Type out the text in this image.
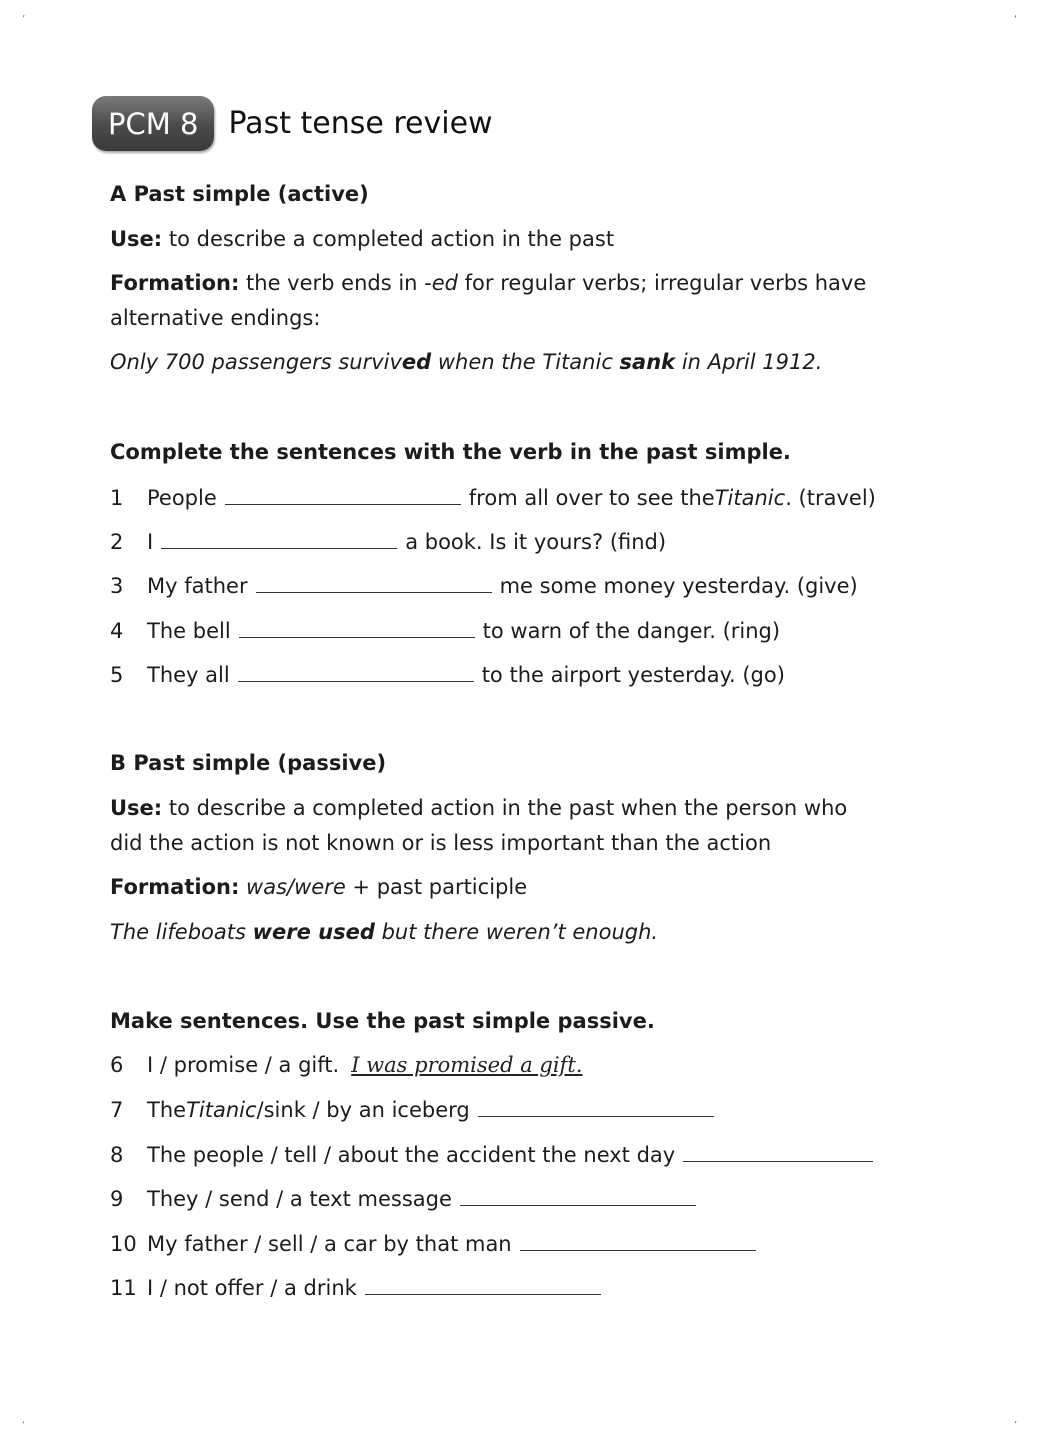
’	‘
‘	’
PCM 8	Past tense review
A Past simple (active)
Use: to describe a completed action in the past
Formation: the verb ends in -ed for regular verbs; irregular verbs have
alternative endings:
Only 700 passengers survived when the Titanic sank in April 1912.
Complete the sentences with the verb in the past simple.
1	People	from all over to see the Titanic . (travel)
2	I	a book. Is it yours? (find)
3	My father	me some money yesterday. (give)
4	The bell	to warn of the danger. (ring)
5	They all	to the airport yesterday. (go)
B Past simple (passive)
Use: to describe a completed action in the past when the person who
did the action is not known or is less important than the action
Formation: was/were + past participle
The lifeboats were used but there weren’t enough.
Make sentences. Use the past simple passive.
6	I / promise / a gift. I was promised a gift.
7	The Titanic /sink / by an iceberg
8	The people / tell / about the accident the next day
9	They / send / a text message
10 My father / sell / a car by that man
11 I / not offer / a drink
